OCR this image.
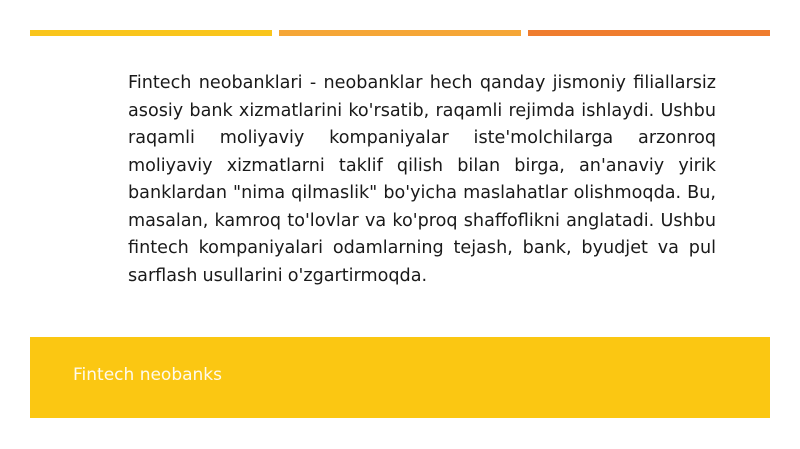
Fintech neobanklari - neobanklar hech qanday jismoniy filiallarsiz asosiy bank xizmatlarini ko'rsatib, raqamli rejimda ishlaydi. Ushbu raqamli moliyaviy kompaniyalar iste'molchilarga arzonroq moliyaviy xizmatlarni taklif qilish bilan birga, an'anaviy yirik banklardan "nima qilmaslik" bo'yicha maslahatlar olishmoqda. Bu, masalan, kamroq to'lovlar va ko'proq shaffoflikni anglatadi. Ushbu fintech kompaniyalari odamlarning tejash, bank, byudjet va pul sarflash usullarini o'zgartirmoqda.

Fintech neobanks
